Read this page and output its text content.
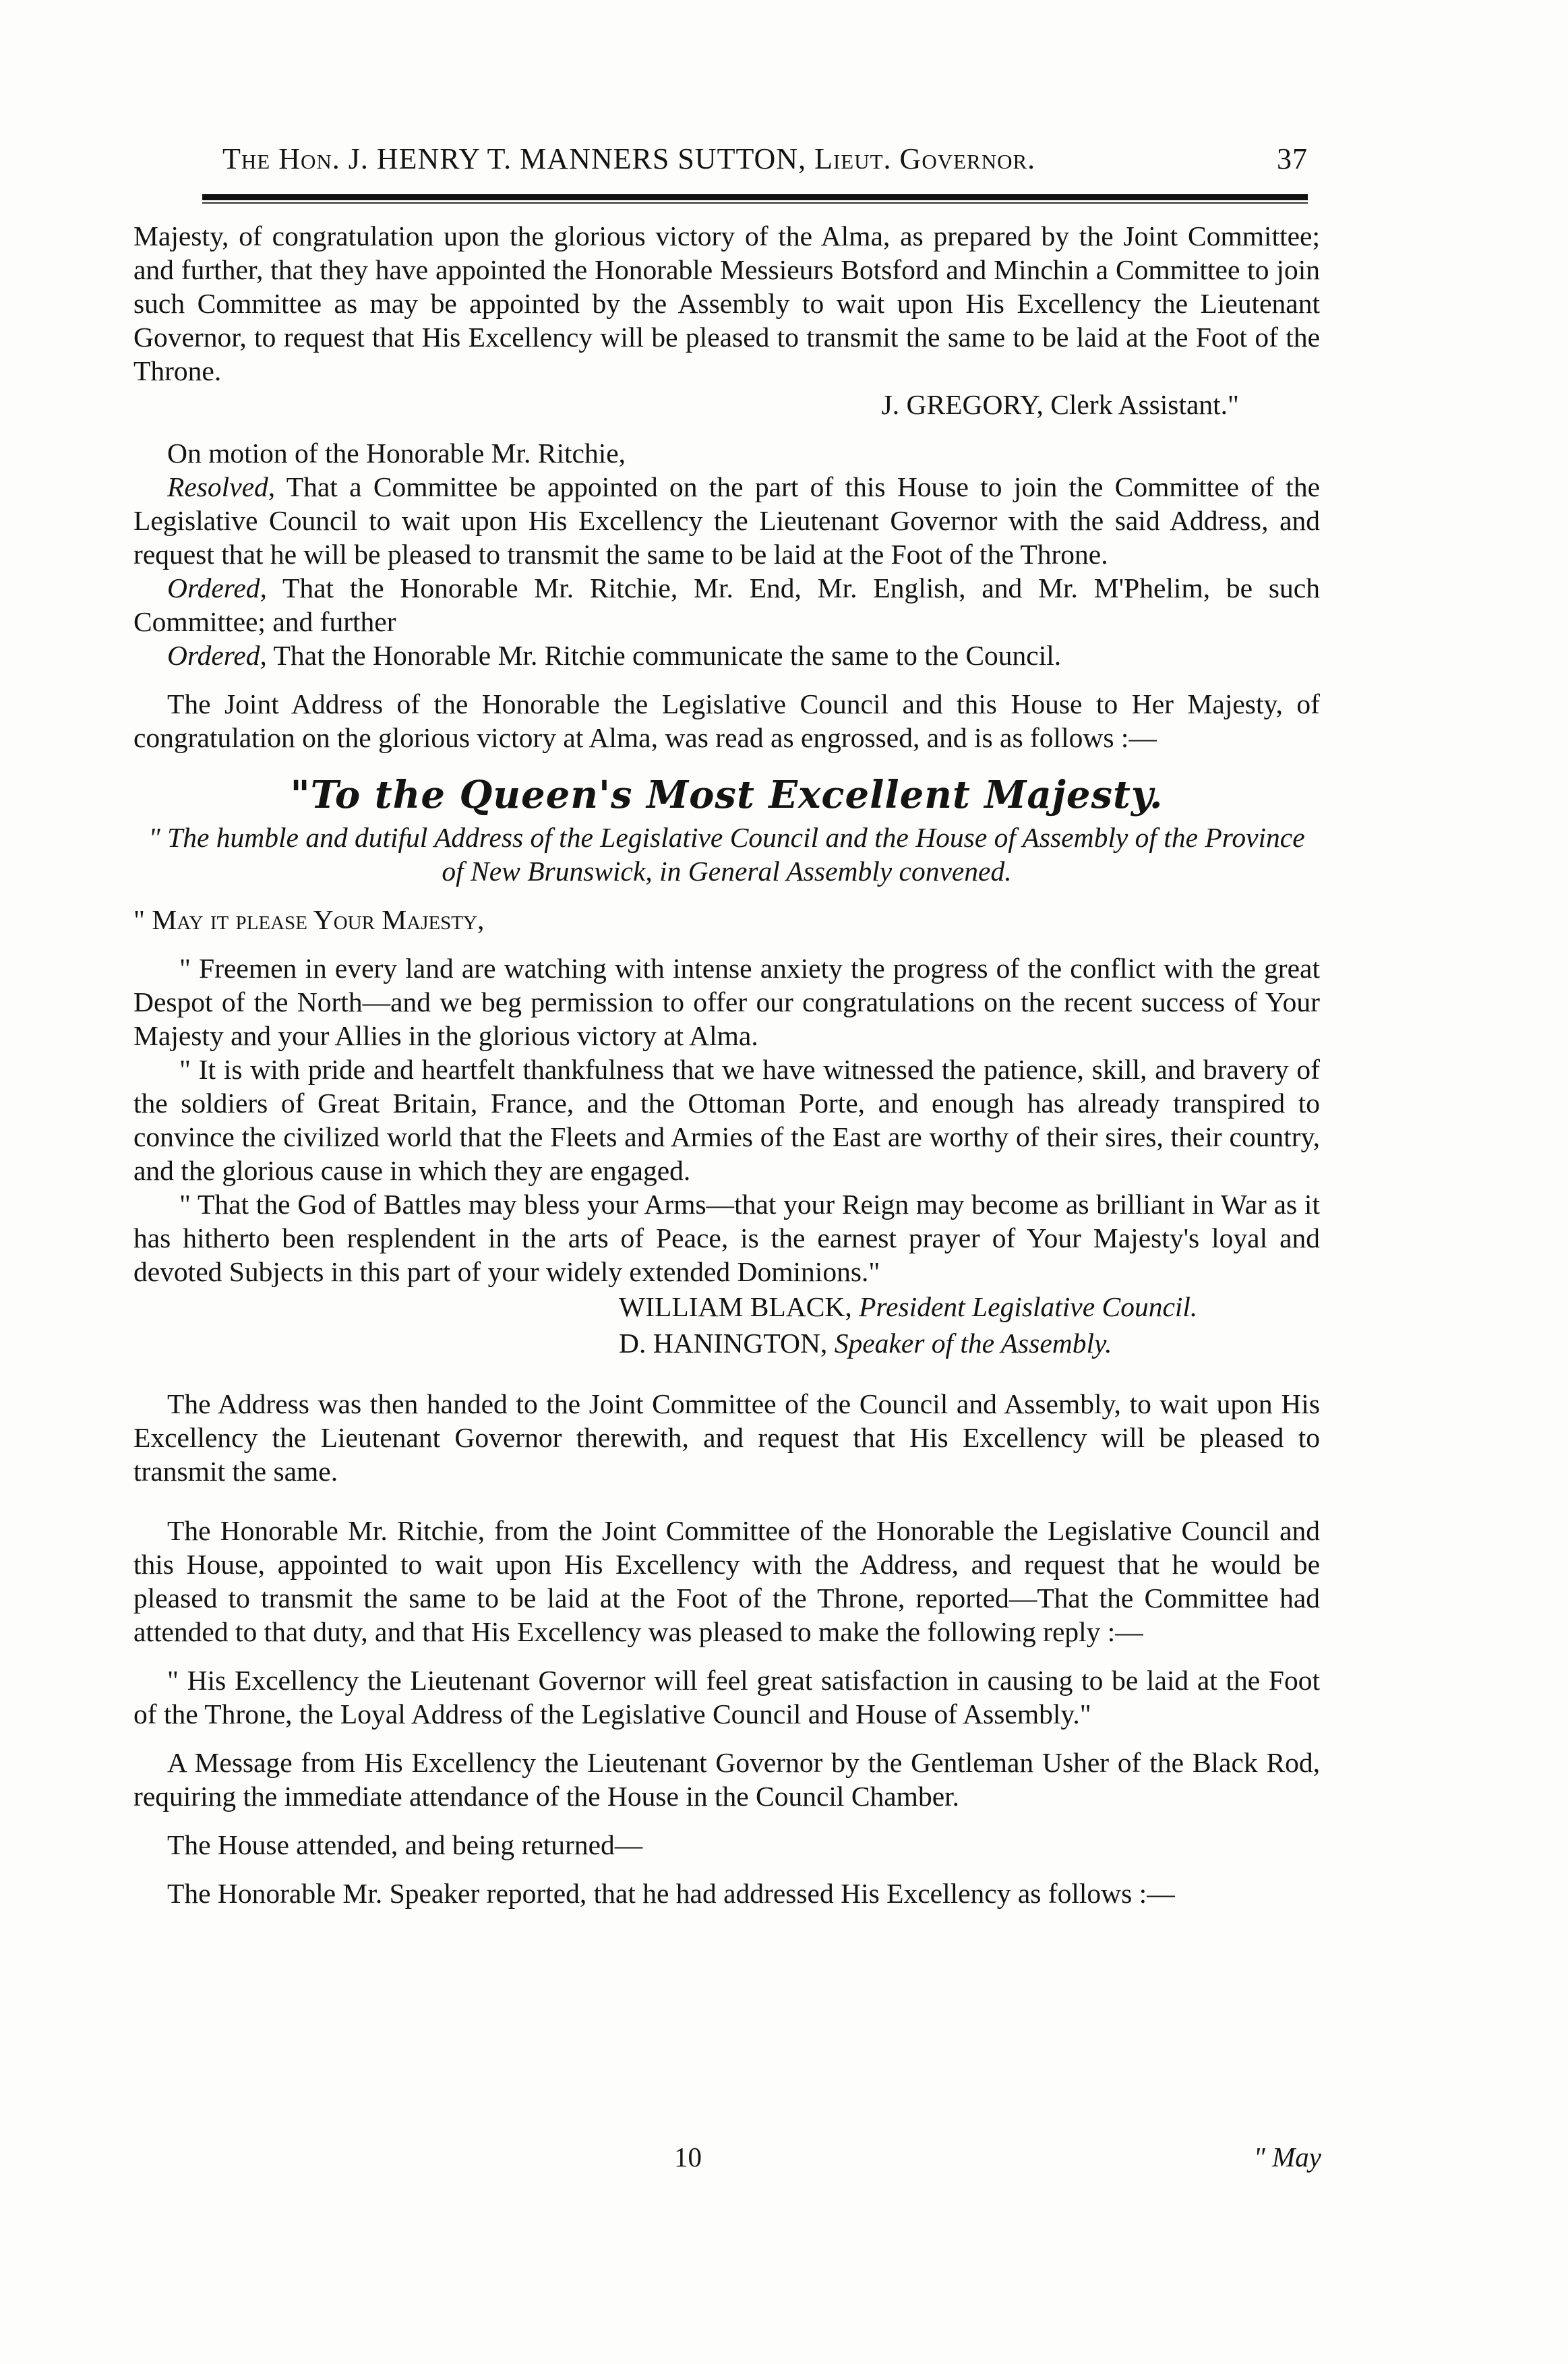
The Hon. J. HENRY T. MANNERS SUTTON, Lieut. Governor.	37

Majesty, of congratulation upon the glorious victory of the Alma, as prepared by the Joint Committee; and further, that they have appointed the Honorable Messieurs Botsford and Minchin a Committee to join such Committee as may be appointed by the Assembly to wait upon His Excellency the Lieutenant Governor, to request that His Excellency will be pleased to transmit the same to be laid at the Foot of the Throne.

J. GREGORY, Clerk Assistant."

On motion of the Honorable Mr. Ritchie,

Resolved, That a Committee be appointed on the part of this House to join the Committee of the Legislative Council to wait upon His Excellency the Lieutenant Governor with the said Address, and request that he will be pleased to transmit the same to be laid at the Foot of the Throne.

Ordered, That the Honorable Mr. Ritchie, Mr. End, Mr. English, and Mr. M'Phelim, be such Committee; and further

Ordered, That the Honorable Mr. Ritchie communicate the same to the Council.

The Joint Address of the Honorable the Legislative Council and this House to Her Majesty, of congratulation on the glorious victory at Alma, was read as engrossed, and is as follows :—

"To the Queen's Most Excellent Majesty.

" The humble and dutiful Address of the Legislative Council and the House of Assembly of the Province of New Brunswick, in General Assembly convened.

" May it please Your Majesty,

" Freemen in every land are watching with intense anxiety the progress of the conflict with the great Despot of the North—and we beg permission to offer our congratulations on the recent success of Your Majesty and your Allies in the glorious victory at Alma.

" It is with pride and heartfelt thankfulness that we have witnessed the patience, skill, and bravery of the soldiers of Great Britain, France, and the Ottoman Porte, and enough has already transpired to convince the civilized world that the Fleets and Armies of the East are worthy of their sires, their country, and the glorious cause in which they are engaged.

" That the God of Battles may bless your Arms—that your Reign may become as brilliant in War as it has hitherto been resplendent in the arts of Peace, is the earnest prayer of Your Majesty's loyal and devoted Subjects in this part of your widely extended Dominions."

WILLIAM BLACK, President Legislative Council.

D. HANINGTON, Speaker of the Assembly.

The Address was then handed to the Joint Committee of the Council and Assembly, to wait upon His Excellency the Lieutenant Governor therewith, and request that His Excellency will be pleased to transmit the same.

The Honorable Mr. Ritchie, from the Joint Committee of the Honorable the Legislative Council and this House, appointed to wait upon His Excellency with the Address, and request that he would be pleased to transmit the same to be laid at the Foot of the Throne, reported—That the Committee had attended to that duty, and that His Excellency was pleased to make the following reply :—

" His Excellency the Lieutenant Governor will feel great satisfaction in causing to be laid at the Foot of the Throne, the Loyal Address of the Legislative Council and House of Assembly."

A Message from His Excellency the Lieutenant Governor by the Gentleman Usher of the Black Rod, requiring the immediate attendance of the House in the Council Chamber.

The House attended, and being returned—

The Honorable Mr. Speaker reported, that he had addressed His Excellency as follows :—

10	" May
